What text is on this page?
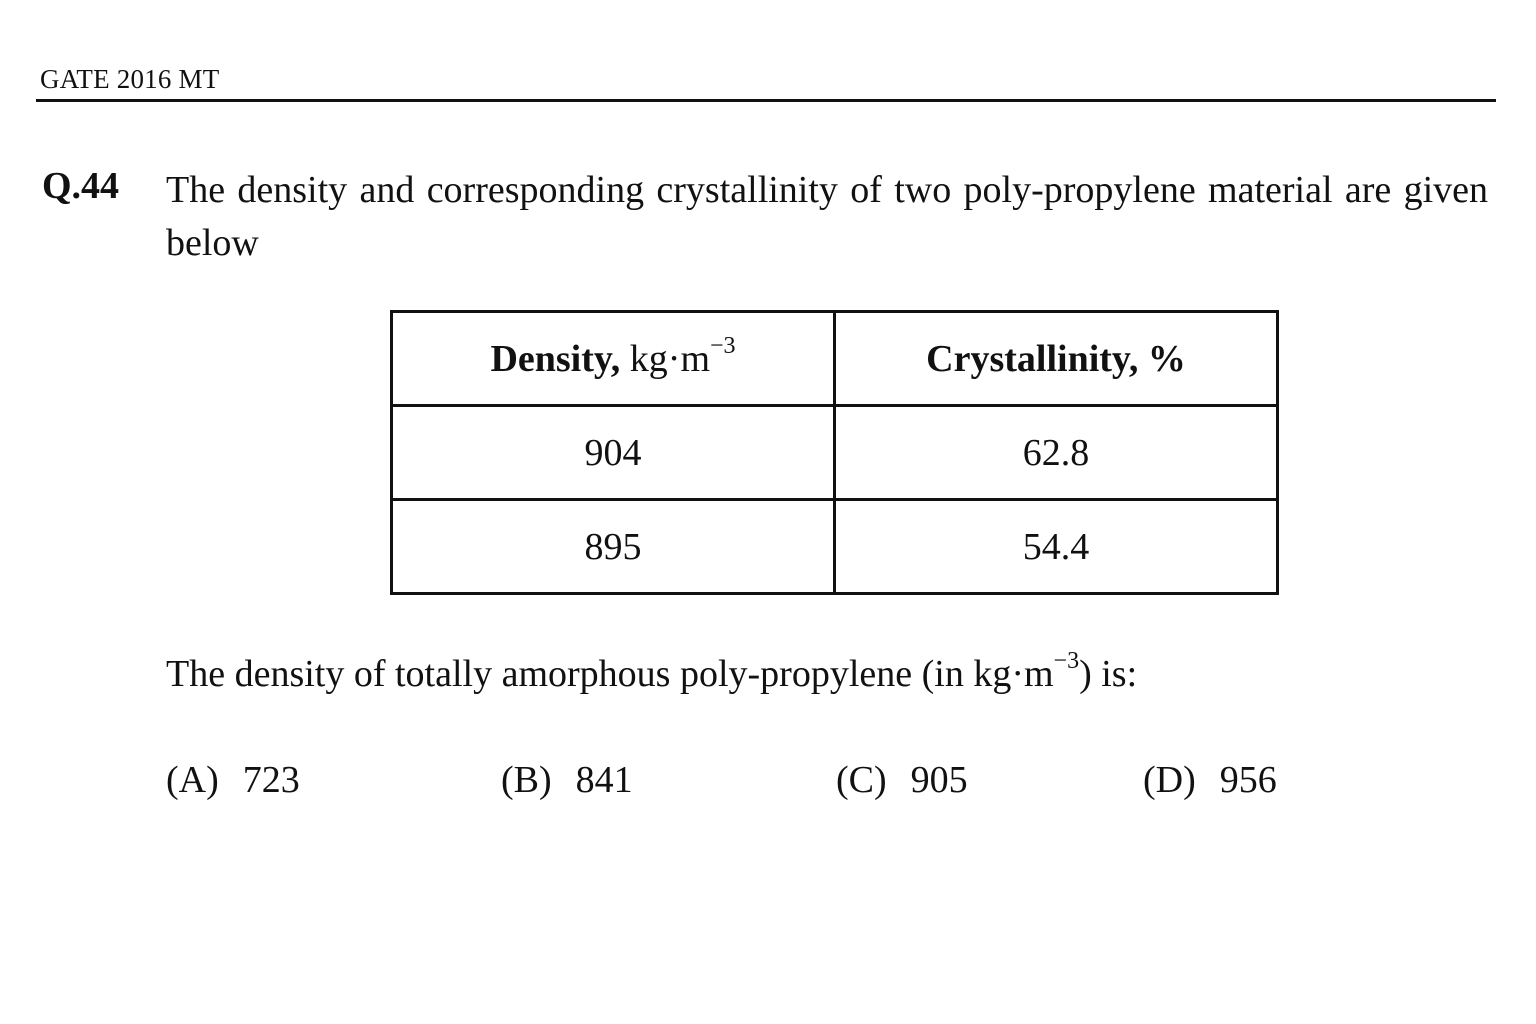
GATE 2016 MT
Q.44 The density and corresponding crystallinity of two poly-propylene material are given below
Density, $kg\cdot m^{-3}$	Crystallinity, %
904	62.8
895	54.4
The density of totally amorphous poly-propylene (in $kg\cdot m^{-3}$) is:
(A) 723	(B) 841	(C) 905	(D) 956
